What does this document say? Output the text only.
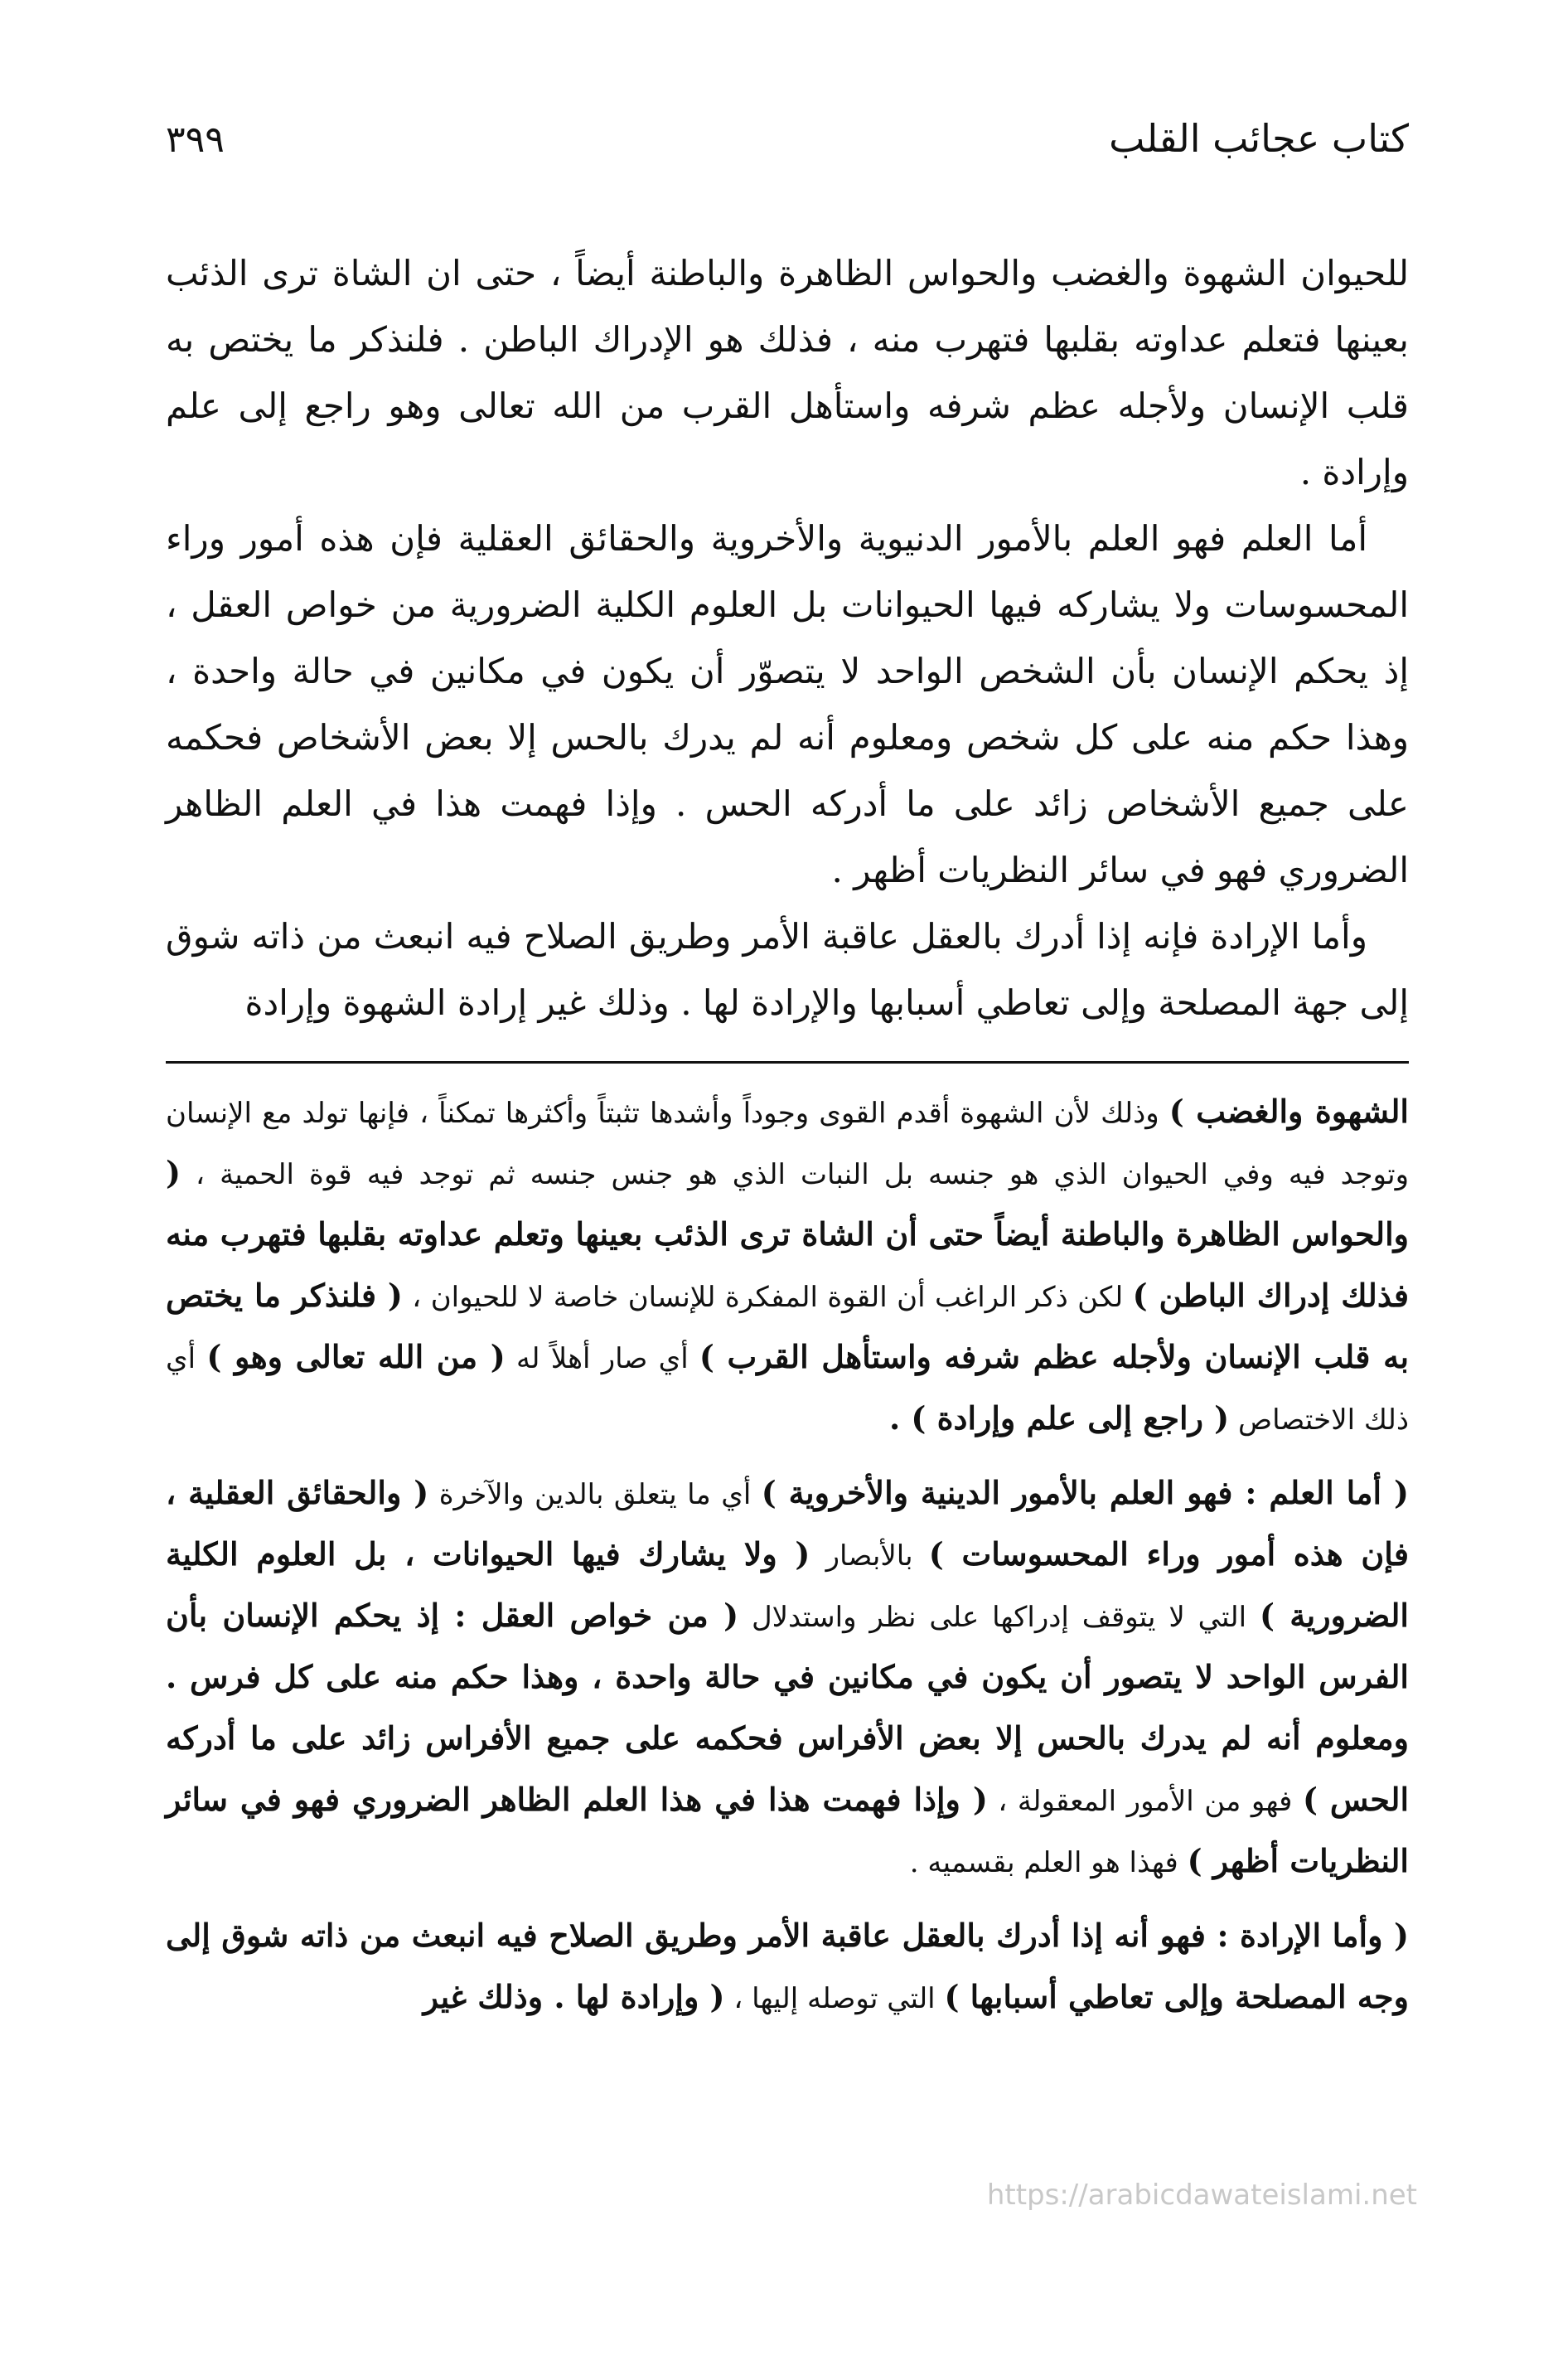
كتاب عجائب القلب
٣٩٩

للحيوان الشهوة والغضب والحواس الظاهرة والباطنة أيضاً ، حتى ان الشاة ترى الذئب بعينها فتعلم عداوته بقلبها فتهرب منه ، فذلك هو الإدراك الباطن . فلنذكر ما يختص به قلب الإنسان ولأجله عظم شرفه واستأهل القرب من الله تعالى وهو راجع إلى علم وإرادة .

أما العلم فهو العلم بالأمور الدنيوية والأخروية والحقائق العقلية فإن هذه أمور وراء المحسوسات ولا يشاركه فيها الحيوانات بل العلوم الكلية الضرورية من خواص العقل ، إذ يحكم الإنسان بأن الشخص الواحد لا يتصوّر أن يكون في مكانين في حالة واحدة ، وهذا حكم منه على كل شخص ومعلوم أنه لم يدرك بالحس إلا بعض الأشخاص فحكمه على جميع الأشخاص زائد على ما أدركه الحس . وإذا فهمت هذا في العلم الظاهر الضروري فهو في سائر النظريات أظهر .

وأما الإرادة فإنه إذا أدرك بالعقل عاقبة الأمر وطريق الصلاح فيه انبعث من ذاته شوق إلى جهة المصلحة وإلى تعاطي أسبابها والإرادة لها . وذلك غير إرادة الشهوة وإرادة

الشهوة والغضب ) وذلك لأن الشهوة أقدم القوى وجوداً وأشدها تثبتاً وأكثرها تمكناً ، فإنها تولد مع الإنسان وتوجد فيه وفي الحيوان الذي هو جنسه بل النبات الذي هو جنس جنسه ثم توجد فيه قوة الحمية ، ( والحواس الظاهرة والباطنة أيضاً حتى أن الشاة ترى الذئب بعينها وتعلم عداوته بقلبها فتهرب منه فذلك إدراك الباطن ) لكن ذكر الراغب أن القوة المفكرة للإنسان خاصة لا للحيوان ، ( فلنذكر ما يختص به قلب الإنسان ولأجله عظم شرفه واستأهل القرب ) أي صار أهلاً له ( من الله تعالى وهو ) أي ذلك الاختصاص ( راجع إلى علم وإرادة ) .

( أما العلم : فهو العلم بالأمور الدينية والأخروية ) أي ما يتعلق بالدين والآخرة ( والحقائق العقلية ، فإن هذه أمور وراء المحسوسات ) بالأبصار ( ولا يشارك فيها الحيوانات ، بل العلوم الكلية الضرورية ) التي لا يتوقف إدراكها على نظر واستدلال ( من خواص العقل : إذ يحكم الإنسان بأن الفرس الواحد لا يتصور أن يكون في مكانين في حالة واحدة ، وهذا حكم منه على كل فرس . ومعلوم أنه لم يدرك بالحس إلا بعض الأفراس فحكمه على جميع الأفراس زائد على ما أدركه الحس ) فهو من الأمور المعقولة ، ( وإذا فهمت هذا في هذا العلم الظاهر الضروري فهو في سائر النظريات أظهر ) فهذا هو العلم بقسميه .

( وأما الإرادة : فهو أنه إذا أدرك بالعقل عاقبة الأمر وطريق الصلاح فيه انبعث من ذاته شوق إلى وجه المصلحة وإلى تعاطي أسبابها ) التي توصله إليها ، ( وإرادة لها . وذلك غير

https://arabicdawateislami.net
